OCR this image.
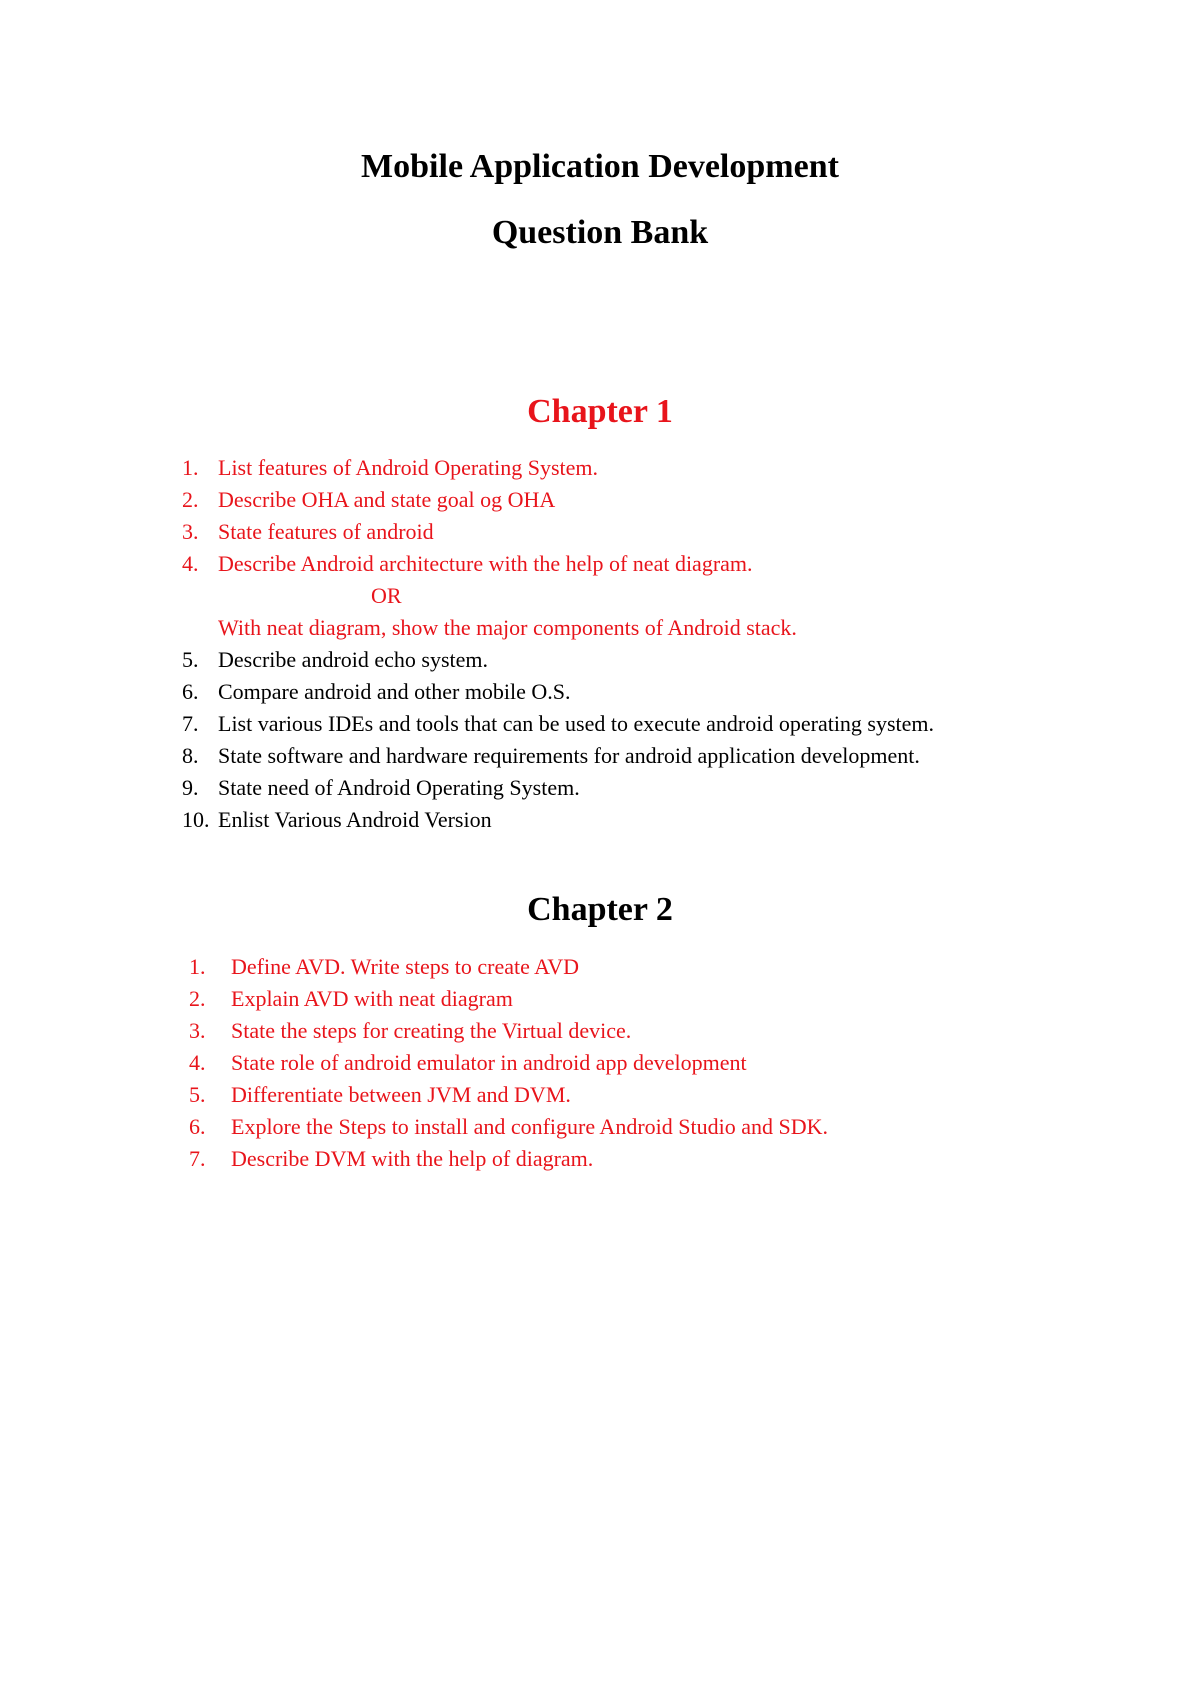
Mobile Application Development
Question Bank
Chapter 1
1. List features of Android Operating System.
2. Describe OHA and state goal og OHA
3. State features of android
4. Describe Android architecture with the help of neat diagram.
OR
With neat diagram, show the major components of Android stack.
5. Describe android echo system.
6. Compare android and other mobile O.S.
7. List various IDEs and tools that can be used to execute android operating system.
8. State software and hardware requirements for android application development.
9. State need of Android Operating System.
10. Enlist Various Android Version
Chapter 2
1. Define AVD. Write steps to create AVD
2. Explain AVD with neat diagram
3. State the steps for creating the Virtual device.
4. State role of android emulator in android app development
5. Differentiate between JVM and DVM.
6. Explore the Steps to install and configure Android Studio and SDK.
7. Describe DVM with the help of diagram.
